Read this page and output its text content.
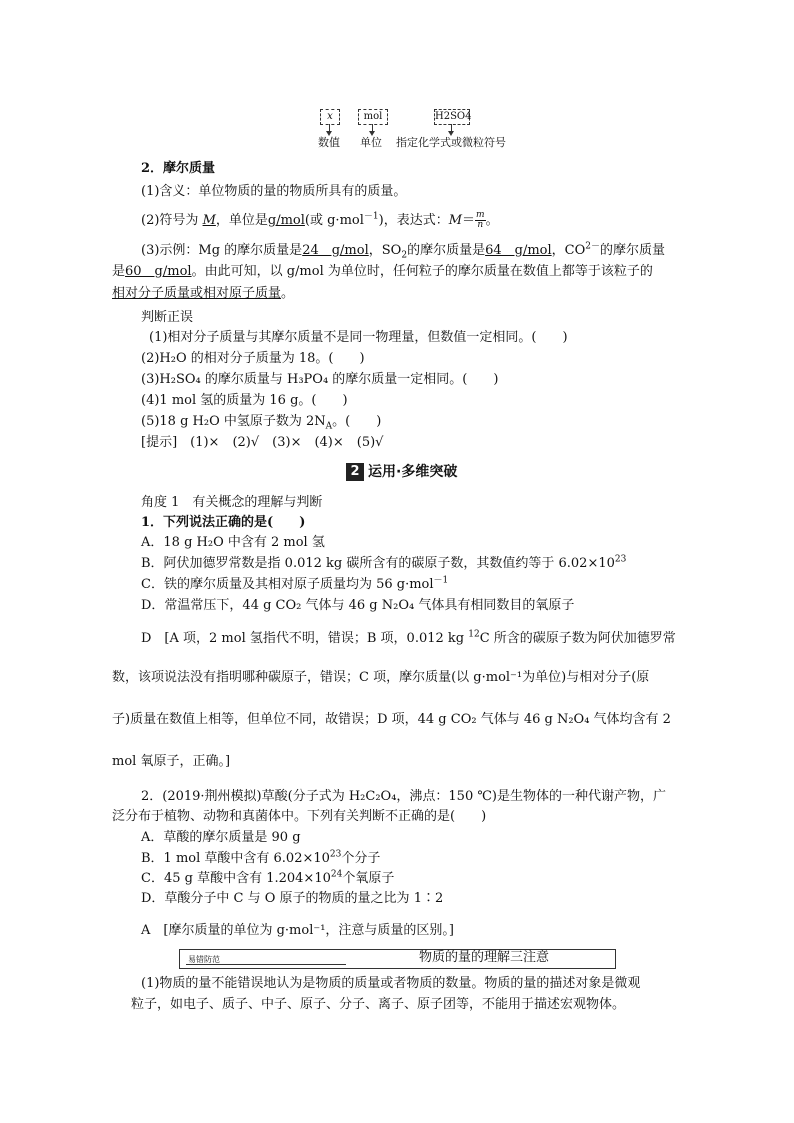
x	mol	H2SO4
数值 单位 指定化学式或微粒符号
2．摩尔质量
(1)含义：单位物质的量的物质所具有的质量。
(2)符号为 M，单位是g/mol(或 g·mol$^{-1}$)，表达式：$M= \frac{m}{n}$ 。
(3)示例：Mg 的摩尔质量是24　g/mol，$SO_2$的摩尔质量是64　g/mol，$CO^{2-}$的摩尔质量
是60　g/mol。由此可知，以 g/mol 为单位时，任何粒子的摩尔质量在数值上都等于该粒子的
相对分子质量或相对原子质量。
判断正误
(1)相对分子质量与其摩尔质量不是同一物理量，但数值一定相同。(　　)
(2)H₂O 的相对分子质量为 18。(　　)
(3)H₂SO₄ 的摩尔质量与 H₃PO₄ 的摩尔质量一定相同。(　　)
(4)1 mol 氢的质量为 16 g。(　　)
(5)18 g H₂O 中氢原子数为 $2N_A$。(　　)
[提示]　(1)×　(2)√　(3)×　(4)×　(5)√
2 运用·多维突破
角度 1　有关概念的理解与判断
1．下列说法正确的是(　　)
A．18 g H₂O 中含有 2 mol 氢
B．阿伏加德罗常数是指 0.012 kg 碳所含有的碳原子数，其数值约等于 $6.02\times 10^{23}$
C．铁的摩尔质量及其相对原子质量均为 56 g·mol$^{-1}$
D．常温常压下，44 g CO₂ 气体与 46 g N₂O₄ 气体具有相同数目的氧原子
D　[A 项，2 mol 氢指代不明，错误；B 项，0.012 kg $^{12}$C 所含的碳原子数为阿伏加德罗常
数，该项说法没有指明哪种碳原子，错误；C 项，摩尔质量(以 g·mol⁻¹为单位)与相对分子(原
子)质量在数值上相等，但单位不同，故错误；D 项，44 g CO₂ 气体与 46 g N₂O₄ 气体均含有 2
mol 氧原子，正确。]
2．(2019·荆州模拟)草酸(分子式为 H₂C₂O₄，沸点：150 ℃)是生物体的一种代谢产物，广
泛分布于植物、动物和真菌体中。下列有关判断不正确的是(　　)
A．草酸的摩尔质量是 90 g
B．1 mol 草酸中含有 $6.02\times 10^{23}$个分子
C．45 g 草酸中含有 $1.204\times 10^{24}$个氧原子
D．草酸分子中 C 与 O 原子的物质的量之比为 1∶2
A　[摩尔质量的单位为 g·mol⁻¹，注意与质量的区别。]
易错防范	物质的量的理解三注意
(1)物质的量不能错误地认为是物质的质量或者物质的数量。物质的量的描述对象是微观
粒子，如电子、质子、中子、原子、分子、离子、原子团等，不能用于描述宏观物体。
